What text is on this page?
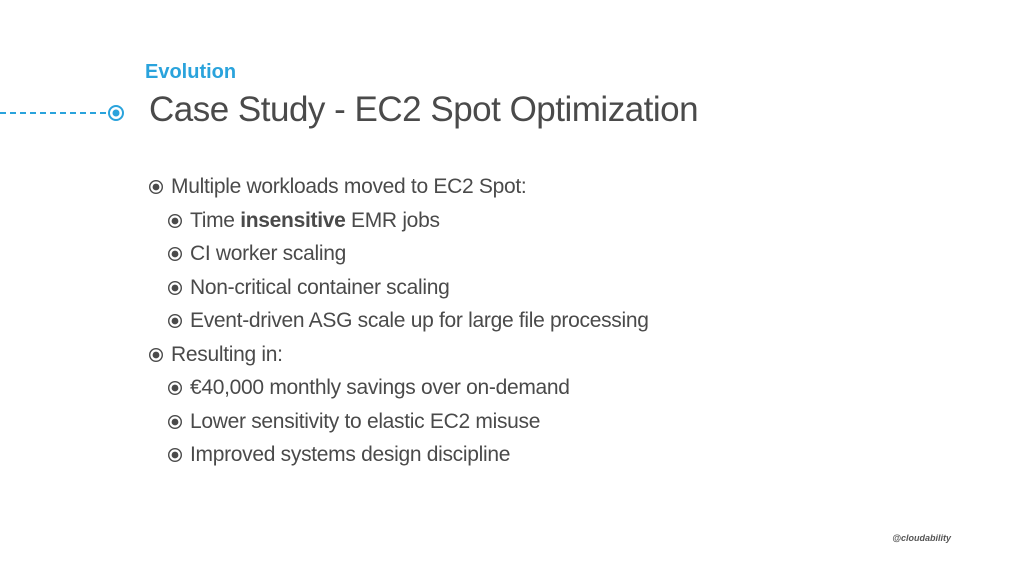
Evolution
Case Study - EC2 Spot Optimization
Multiple workloads moved to EC2 Spot:
Time insensitive EMR jobs
CI worker scaling
Non-critical container scaling
Event-driven ASG scale up for large file processing
Resulting in:
€40,000 monthly savings over on-demand
Lower sensitivity to elastic EC2 misuse
Improved systems design discipline
@cloudability
